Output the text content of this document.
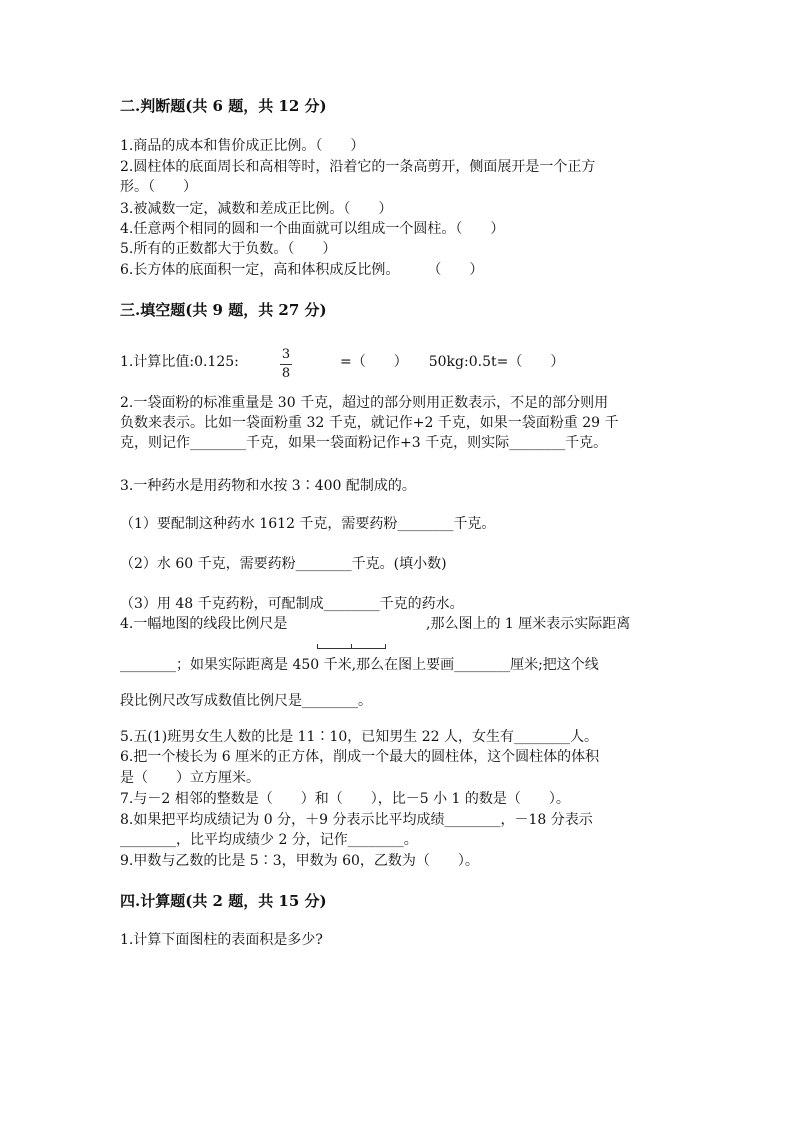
二.判断题(共 6 题，共 12 分)
1.商品的成本和售价成正比例。（　　）
2.圆柱体的底面周长和高相等时，沿着它的一条高剪开，侧面展开是一个正方
形。（　　）
3.被减数一定，减数和差成正比例。（　　）
4.任意两个相同的圆和一个曲面就可以组成一个圆柱。（　　）
5.所有的正数都大于负数。（　　）
6.长方体的底面积一定，高和体积成反比例。　　　（　　）
三.填空题(共 9 题，共 27 分)
1.计算比值:0.125:	3
8
=（　　）　　50kg:0.5t=（　　）
2.一袋面粉的标准重量是 30 千克，超过的部分则用正数表示，不足的部分则用
负数来表示。比如一袋面粉重 32 千克，就记作+2 千克，如果一袋面粉重 29 千
克，则记作________千克，如果一袋面粉记作+3 千克，则实际________千克。
3.一种药水是用药物和水按 3∶400 配制成的。
（1）要配制这种药水 1612 千克，需要药粉________千克。
（2）水 60 千克，需要药粉________千克。(填小数)
（3）用 48 千克药粉，可配制成________千克的药水。
4.一幅地图的线段比例尺是	,那么图上的 1 厘米表示实际距离
________；如果实际距离是 450 千米,那么在图上要画________厘米;把这个线
段比例尺改写成数值比例尺是________。
5.五(1)班男女生人数的比是 11∶10，已知男生 22 人，女生有________人。
6.把一个棱长为 6 厘米的正方体，削成一个最大的圆柱体，这个圆柱体的体积
是（　　）立方厘米。
7.与－2 相邻的整数是（　　）和（　　），比－5 小 1 的数是（　　）。
8.如果把平均成绩记为 0 分，＋9 分表示比平均成绩________，－18 分表示
________，比平均成绩少 2 分，记作________。
9.甲数与乙数的比是 5∶3，甲数为 60，乙数为（　　）。
四.计算题(共 2 题，共 15 分)
1.计算下面图柱的表面积是多少?
